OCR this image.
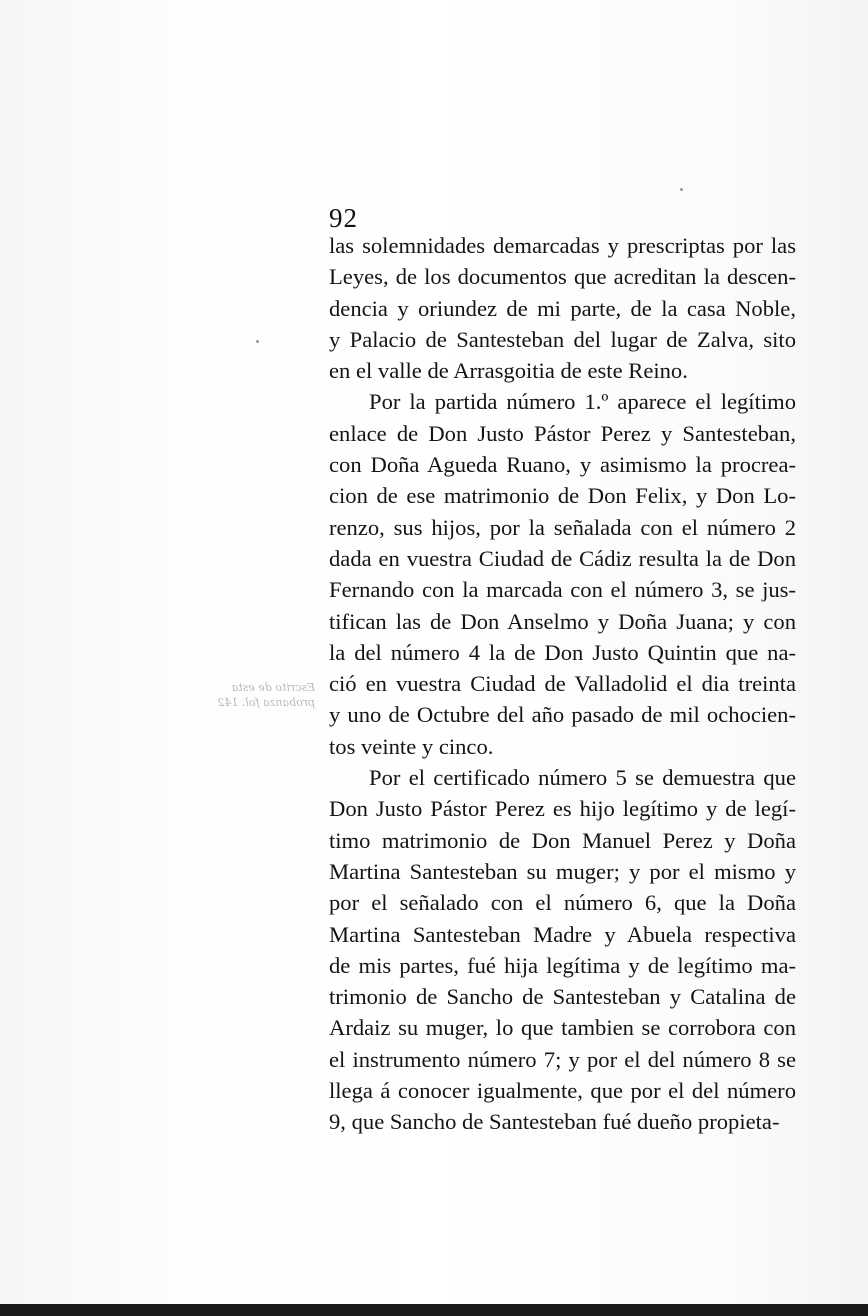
Escrito de esta
probanza fol. 142
92
las solemnidades demarcadas y prescriptas por las
Leyes, de los documentos que acreditan la descen-
dencia y oriundez de mi parte, de la casa Noble,
y Palacio de Santesteban del lugar de Zalva, sito
en el valle de Arrasgoitia de este Reino.
Por la partida número 1.º aparece el legítimo
enlace de Don Justo Pástor Perez y Santesteban,
con Doña Agueda Ruano, y asimismo la procrea-
cion de ese matrimonio de Don Felix, y Don Lo-
renzo, sus hijos, por la señalada con el número 2
dada en vuestra Ciudad de Cádiz resulta la de Don
Fernando con la marcada con el número 3, se jus-
tifican las de Don Anselmo y Doña Juana; y con
la del número 4 la de Don Justo Quintin que na-
ció en vuestra Ciudad de Valladolid el dia treinta
y uno de Octubre del año pasado de mil ochocien-
tos veinte y cinco.
Por el certificado número 5 se demuestra que
Don Justo Pástor Perez es hijo legítimo y de legí-
timo matrimonio de Don Manuel Perez y Doña
Martina Santesteban su muger; y por el mismo y
por el señalado con el número 6, que la Doña
Martina Santesteban Madre y Abuela respectiva
de mis partes, fué hija legítima y de legítimo ma-
trimonio de Sancho de Santesteban y Catalina de
Ardaiz su muger, lo que tambien se corrobora con
el instrumento número 7; y por el del número 8 se
llega á conocer igualmente, que por el del número
9, que Sancho de Santesteban fué dueño propieta-
